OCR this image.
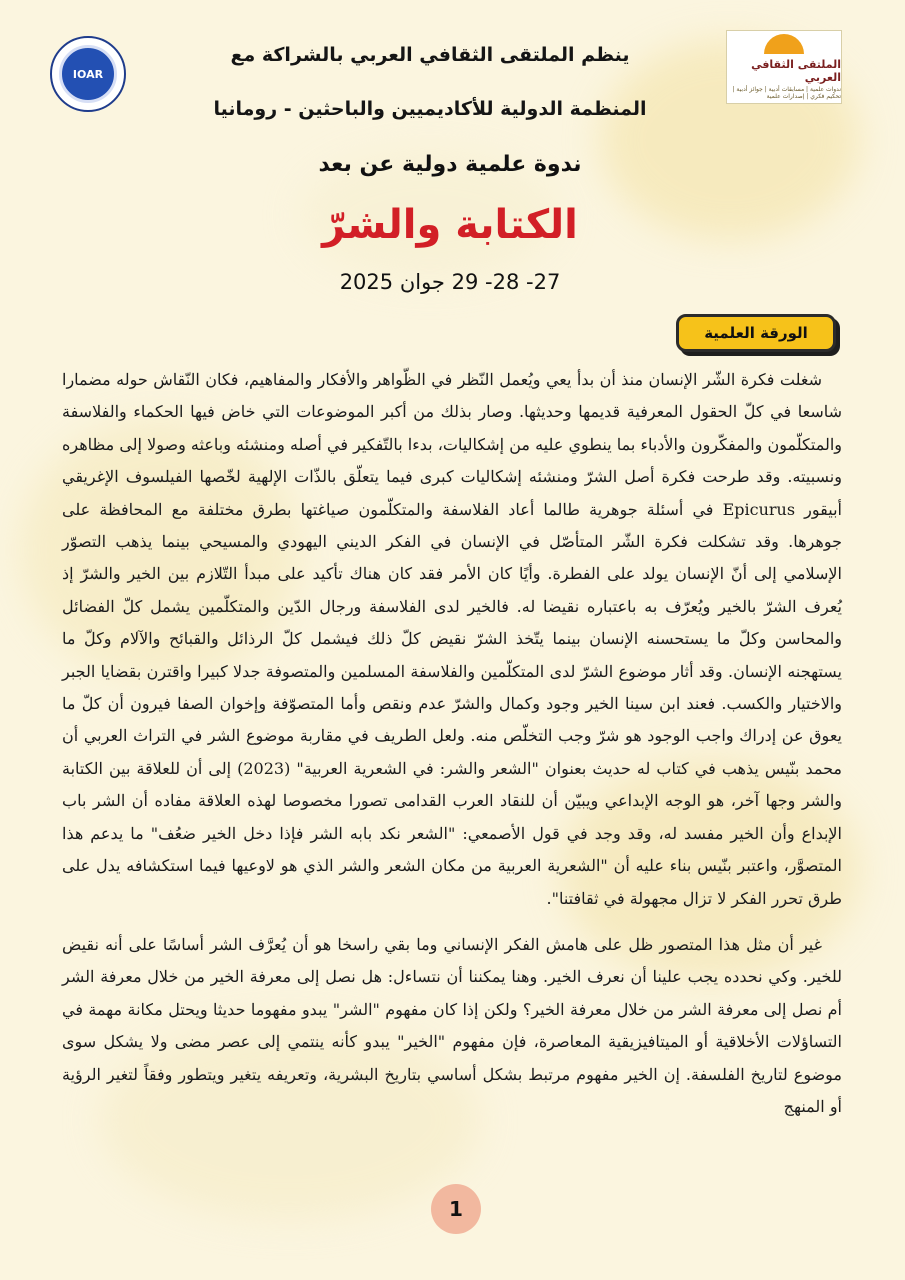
IOAR
الملتقى الثقافي العربي
ندوات علمية | مسابقات أدبية | جوائز أدبية | تحكيم فكري | إصدارات علمية
ينظم الملتقى الثقافي العربي بالشراكة مع
المنظمة الدولية للأكاديميين والباحثين - رومانيا
ندوة علمية دولية عن بعد
الكتابة والشرّ
27- 28- 29 جوان 2025
الورقة العلمية

شغلت فكرة الشّر الإنسان منذ أن بدأ يعي ويُعمل النّظر في الظّواهر والأفكار والمفاهيم، فكان النّقاش حوله مضمارا شاسعا في كلّ الحقول المعرفية قديمها وحديثها. وصار بذلك من أكبر الموضوعات التي خاض فيها الحكماء والفلاسفة والمتكلّمون والمفكّرون والأدباء بما ينطوي عليه من إشكاليات، بدءا بالتّفكير في أصله ومنشئه وباعثه وصولا إلى مظاهره ونسبيته. وقد طرحت فكرة أصل الشرّ ومنشئه إشكاليات كبرى فيما يتعلّق بالذّات الإلهية لخّصها الفيلسوف الإغريقي أبيقور Epicurus في أسئلة جوهرية طالما أعاد الفلاسفة والمتكلّمون صياغتها بطرق مختلفة مع المحافظة على جوهرها. وقد تشكلت فكرة الشّر المتأصّل في الإنسان في الفكر الديني اليهودي والمسيحي بينما يذهب التصوّر الإسلامي إلى أنّ الإنسان يولد على الفطرة. وأيًا كان الأمر فقد كان هناك تأكيد على مبدأ التّلازم بين الخير والشرّ إذ يُعرف الشرّ بالخير ويُعرّف به باعتباره نقيضا له. فالخير لدى الفلاسفة ورجال الدّين والمتكلّمين يشمل كلّ الفضائل والمحاسن وكلّ ما يستحسنه الإنسان بينما يتّخذ الشرّ نقيض كلّ ذلك فيشمل كلّ الرذائل والقبائح والآلام وكلّ ما يستهجنه الإنسان. وقد أثار موضوع الشرّ لدى المتكلّمين والفلاسفة المسلمين والمتصوفة جدلا كبيرا واقترن بقضايا الجبر والاختيار والكسب. فعند ابن سينا الخير وجود وكمال والشرّ عدم ونقص وأما المتصوّفة وإخوان الصفا فيرون أن كلّ ما يعوق عن إدراك واجب الوجود هو شرّ وجب التخلّص منه. ولعل الطريف في مقاربة موضوع الشر في التراث العربي أن محمد بنّيس يذهب في كتاب له حديث بعنوان "الشعر والشر: في الشعرية العربية" (2023) إلى أن للعلاقة بين الكتابة والشر وجها آخر، هو الوجه الإبداعي ويبيّن أن للنقاد العرب القدامى تصورا مخصوصا لهذه العلاقة مفاده أن الشر باب الإبداع وأن الخير مفسد له، وقد وجد في قول الأصمعي: "الشعر نكد بابه الشر فإذا دخل الخير ضعُف" ما يدعم هذا المتصوَّر، واعتبر بنّيس بناء عليه أن "الشعرية العربية من مكان الشعر والشر الذي هو لاوعيها فيما استكشافه يدل على طرق تحرر الفكر لا تزال مجهولة في ثقافتنا".

غير أن مثل هذا المتصور ظل على هامش الفكر الإنساني وما بقي راسخا هو أن يُعرَّف الشر أساسًا على أنه نقيض للخير. وكي نحدده يجب علينا أن نعرف الخير. وهنا يمكننا أن نتساءل: هل نصل إلى معرفة الخير من خلال معرفة الشر أم نصل إلى معرفة الشر من خلال معرفة الخير؟ ولكن إذا كان مفهوم "الشر" يبدو مفهوما حديثا ويحتل مكانة مهمة في التساؤلات الأخلاقية أو الميتافيزيقية المعاصرة، فإن مفهوم "الخير" يبدو كأنه ينتمي إلى عصر مضى ولا يشكل سوى موضوع لتاريخ الفلسفة. إن الخير مفهوم مرتبط بشكل أساسي بتاريخ البشرية، وتعريفه يتغير ويتطور وفقاً لتغير الرؤية أو المنهج

1
